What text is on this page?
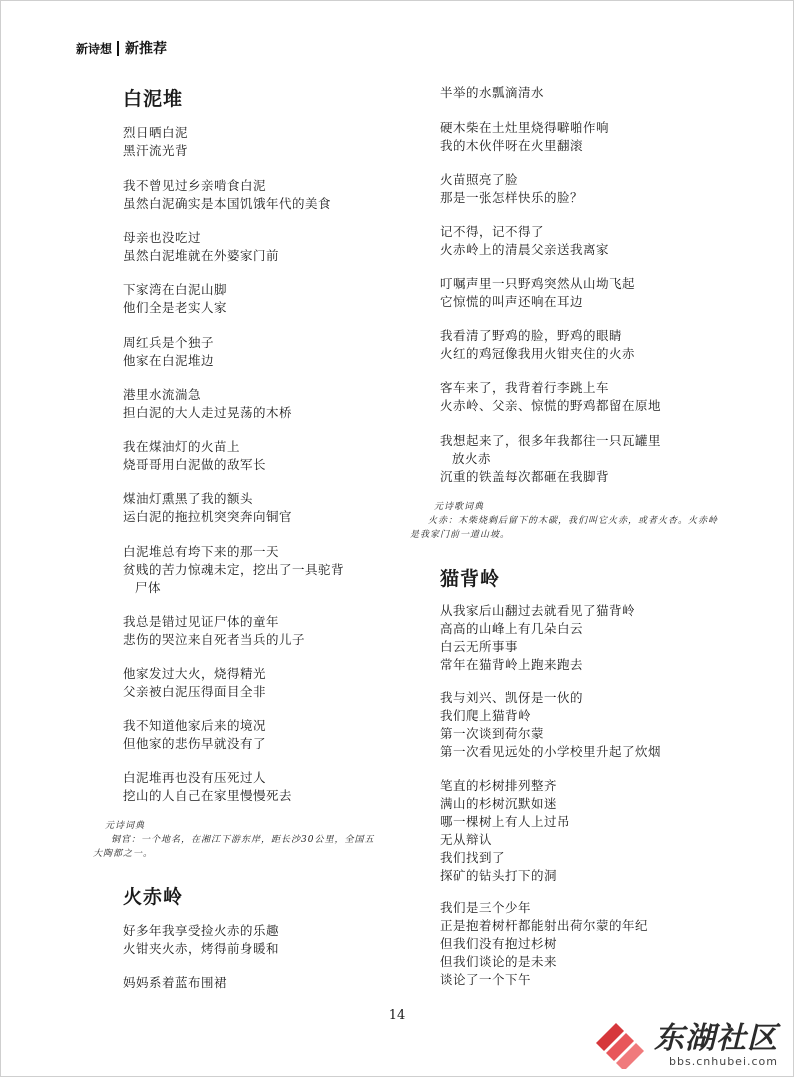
新诗想 新推荐
白泥堆
烈日晒白泥
黑汗流光背
我不曾见过乡亲啃食白泥
虽然白泥确实是本国饥饿年代的美食
母亲也没吃过
虽然白泥堆就在外婆家门前
下家湾在白泥山脚
他们全是老实人家
周红兵是个独子
他家在白泥堆边
港里水流湍急
担白泥的大人走过晃荡的木桥
我在煤油灯的火苗上
烧哥哥用白泥做的敌军长
煤油灯熏黑了我的额头
运白泥的拖拉机突突奔向铜官
白泥堆总有垮下来的那一天
贫贱的苦力惊魂未定，挖出了一具驼背
尸体
我总是错过见证尸体的童年
悲伤的哭泣来自死者当兵的儿子
他家发过大火，烧得精光
父亲被白泥压得面目全非
我不知道他家后来的境况
但他家的悲伤早就没有了
白泥堆再也没有压死过人
挖山的人自己在家里慢慢死去
元诗词典
铜官：一个地名，在湘江下游东岸，距长沙30公里，全国五大陶都之一。
火赤岭
好多年我享受捡火赤的乐趣
火钳夹火赤，烤得前身暖和
妈妈系着蓝布围裙
半举的水瓢滴清水
硬木柴在土灶里烧得噼啪作响
我的木伙伴呀在火里翻滚
火苗照亮了脸
那是一张怎样快乐的脸？
记不得，记不得了
火赤岭上的清晨父亲送我离家
叮嘱声里一只野鸡突然从山坳飞起
它惊慌的叫声还响在耳边
我看清了野鸡的脸，野鸡的眼睛
火红的鸡冠像我用火钳夹住的火赤
客车来了，我背着行李跳上车
火赤岭、父亲、惊慌的野鸡都留在原地
我想起来了，很多年我都往一只瓦罐里
放火赤
沉重的铁盖每次都砸在我脚背
元诗歌词典
火赤：木柴烧剩后留下的木碳，我们叫它火赤，或者火杏。火赤岭是我家门前一道山坡。
猫背岭
从我家后山翻过去就看见了猫背岭
高高的山峰上有几朵白云
白云无所事事
常年在猫背岭上跑来跑去
我与刘兴、凯伢是一伙的
我们爬上猫背岭
第一次谈到荷尔蒙
第一次看见远处的小学校里升起了炊烟
笔直的杉树排列整齐
满山的杉树沉默如迷
哪一棵树上有人上过吊
无从辩认
我们找到了
探矿的钻头打下的洞
我们是三个少年
正是抱着树杆都能射出荷尔蒙的年纪
但我们没有抱过杉树
但我们谈论的是未来
谈论了一个下午
14
东湖社区
bbs.cnhubei.com
